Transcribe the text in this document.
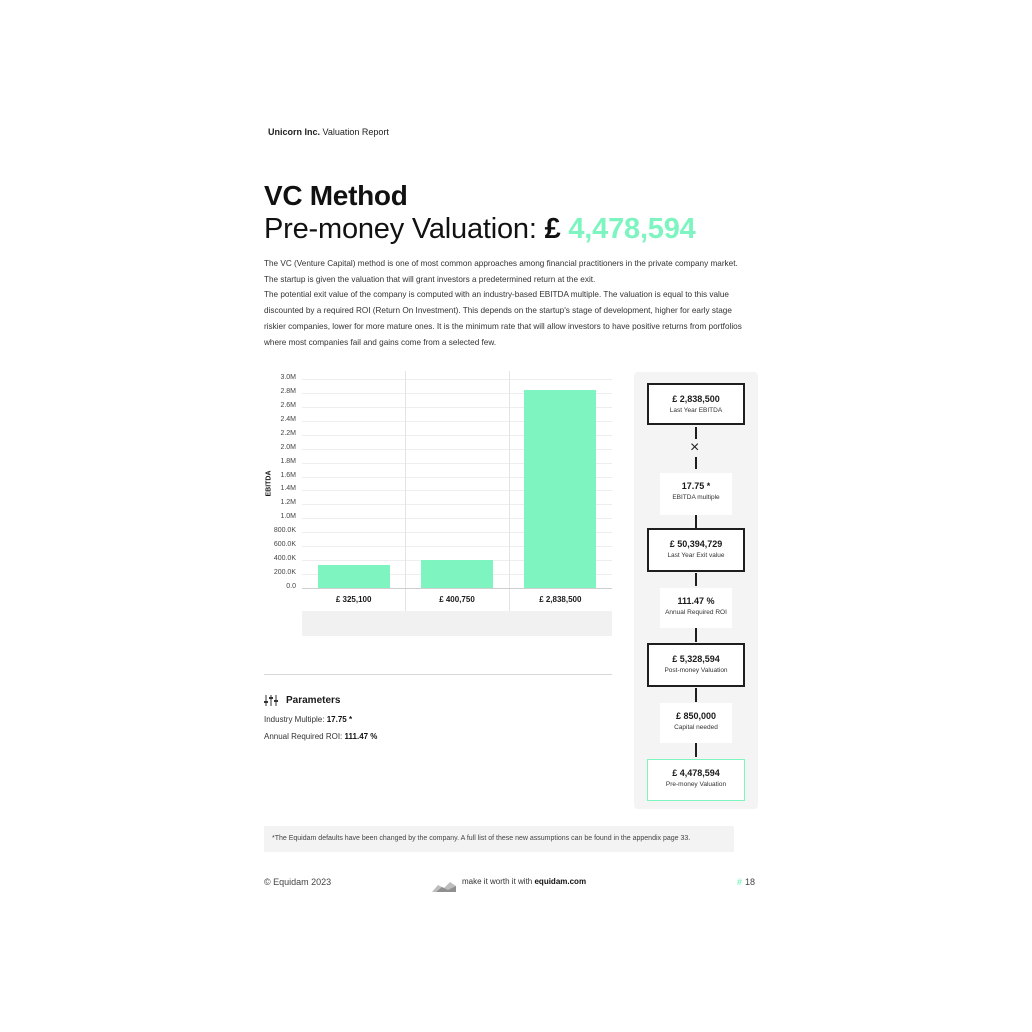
Unicorn Inc. Valuation Report
VC Method
Pre-money Valuation: £ 4,478,594

The VC (Venture Capital) method is one of most common approaches among financial practitioners in the private company market. The startup is given the valuation that will grant investors a predetermined return at the exit.

The potential exit value of the company is computed with an industry-based EBITDA multiple. The valuation is equal to this value discounted by a required ROI (Return On Investment). This depends on the startup's stage of development, higher for early stage riskier companies, lower for more mature ones. It is the minimum rate that will allow investors to have positive returns from portfolios where most companies fail and gains come from a selected few.

0.0
200.0K
400.0K
600.0K
800.0K
1.0M
1.2M
1.4M
1.6M
1.8M
2.0M
2.2M
2.4M
2.6M
2.8M
3.0M
£ 325,100	£ 400,750	£ 2,838,500
EBITDA
Parameters
Industry Multiple: 17.75 *
Annual Required ROI: 111.47 %
£ 2,838,500
Last Year EBITDA
×
17.75 *
EBITDA multiple
£ 50,394,729
Last Year Exit value
111.47 %
Annual Required ROI
£ 5,328,594
Post-money Valuation
£ 850,000
Capital needed
£ 4,478,594
Pre-money Valuation
*The Equidam defaults have been changed by the company. A full list of these new assumptions can be found in the appendix page 33.
© Equidam 2023	make it worth it with equidam.com	# 18
